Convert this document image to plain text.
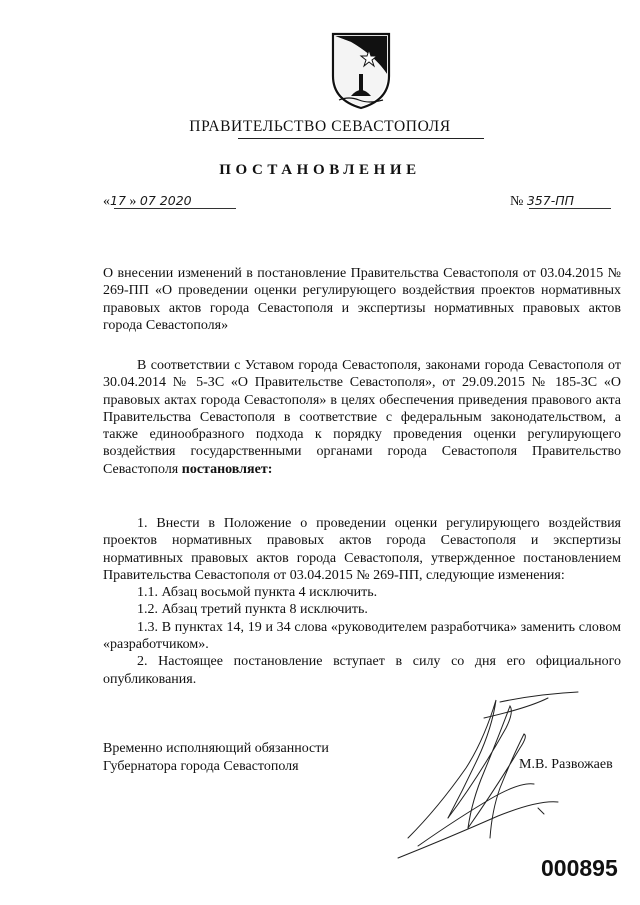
ПРАВИТЕЛЬСТВО СЕВАСТОПОЛЯ
ПОСТАНОВЛЕНИЕ
«17 » 07 2020	№ 357-ПП
О внесении изменений в постановление Правительства Севастополя от 03.04.2015 № 269-ПП «О проведении оценки регулирующего воздействия проектов нормативных правовых актов города Севастополя и экспертизы нормативных правовых актов города Севастополя»
В соответствии с Уставом города Севастополя, законами города Севастополя от 30.04.2014 № 5-ЗС «О Правительстве Севастополя», от 29.09.2015 № 185-ЗС «О правовых актах города Севастополя» в целях обеспечения приведения правового акта Правительства Севастополя в соответствие с федеральным законодательством, а также единообразного подхода к порядку проведения оценки регулирующего воздействия государственными органами города Севастополя Правительство Севастополя постановляет:
1. Внести в Положение о проведении оценки регулирующего воздействия проектов нормативных правовых актов города Севастополя и экспертизы нормативных правовых актов города Севастополя, утвержденное постановлением Правительства Севастополя от 03.04.2015 № 269-ПП, следующие изменения:
1.1. Абзац восьмой пункта 4 исключить.
1.2. Абзац третий пункта 8 исключить.
1.3. В пунктах 14, 19 и 34 слова «руководителем разработчика» заменить словом «разработчиком».
2. Настоящее постановление вступает в силу со дня его официального опубликования.
Временно исполняющий обязанности
Губернатора города Севастополя	М.В. Развожаев
000895
